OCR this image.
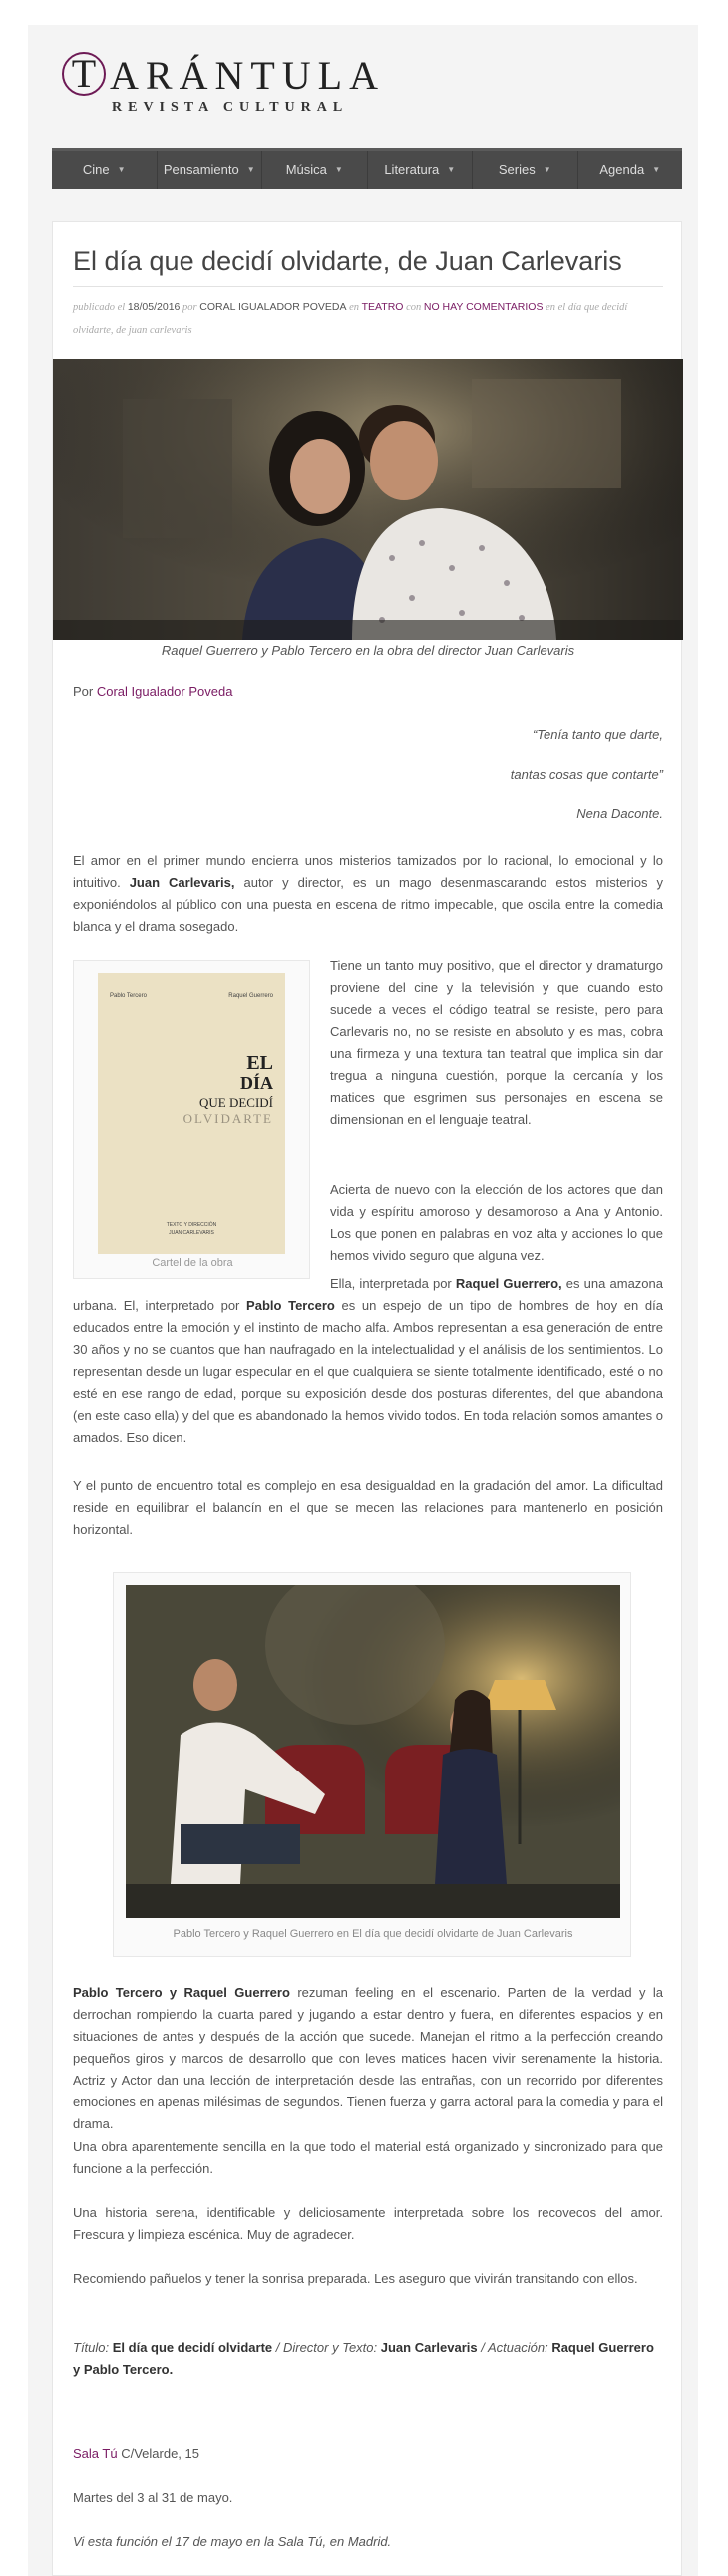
T ARÁNTULA
REVISTA CULTURAL
Cine ▼	Pensamiento ▼ Música ▼	Literatura ▼	Series ▼	Agenda ▼
El día que decidí olvidarte, de Juan Carlevaris
publicado el 18/05/2016 por CORAL IGUALADOR POVEDA en TEATRO con NO HAY COMENTARIOS en el día que decidí olvidarte, de juan carlevaris
Raquel Guerrero y Pablo Tercero en la obra del director Juan Carlevaris
Por Coral Igualador Poveda
“Tenía tanto que darte,
tantas cosas que contarte”
Nena Daconte.
El amor en el primer mundo encierra unos misterios tamizados por lo racional, lo emocional y lo intuitivo. Juan Carlevaris, autor y director, es un mago desenmascarando estos misterios y exponiéndolos al público con una puesta en escena de ritmo impecable, que oscila entre la comedia blanca y el drama sosegado.
Pablo Tercero	Raquel Guerrero
EL
DÍA
QUE DECIDÍ
OLVIDARTE
TEXTO Y DIRECCIÓN
JUAN CARLEVARIS
Cartel de la obra
Tiene un tanto muy positivo, que el director y dramaturgo proviene del cine y la televisión y que cuando esto sucede a veces el código teatral se resiste, pero para Carlevaris no, no se resiste en absoluto y es mas, cobra una firmeza y una textura tan teatral que implica sin dar tregua a ninguna cuestión, porque la cercanía y los matices que esgrimen sus personajes en escena se dimensionan en el lenguaje teatral.
Acierta de nuevo con la elección de los actores que dan vida y espíritu amoroso y desamoroso a Ana y Antonio. Los que ponen en palabras en voz alta y acciones lo que hemos vivido seguro que alguna vez.
Ella, interpretada por Raquel Guerrero, es una amazona urbana. El, interpretado por Pablo Tercero es un espejo de un tipo de hombres de hoy en día educados entre la emoción y el instinto de macho alfa. Ambos representan a esa generación de entre 30 años y no se cuantos que han naufragado en la intelectualidad y el análisis de los sentimientos. Lo representan desde un lugar especular en el que cualquiera se siente totalmente identificado, esté o no esté en ese rango de edad, porque su exposición desde dos posturas diferentes, del que abandona (en este caso ella) y del que es abandonado la hemos vivido todos. En toda relación somos amantes o amados. Eso dicen.
Y el punto de encuentro total es complejo en esa desigualdad en la gradación del amor. La dificultad reside en equilibrar el balancín en el que se mecen las relaciones para mantenerlo en posición horizontal.
Pablo Tercero y Raquel Guerrero en El día que decidí olvidarte de Juan Carlevaris
Pablo Tercero y Raquel Guerrero rezuman feeling en el escenario. Parten de la verdad y la derrochan rompiendo la cuarta pared y jugando a estar dentro y fuera, en diferentes espacios y en situaciones de antes y después de la acción que sucede. Manejan el ritmo a la perfección creando pequeños giros y marcos de desarrollo que con leves matices hacen vivir serenamente la historia. Actriz y Actor dan una lección de interpretación desde las entrañas, con un recorrido por diferentes emociones en apenas milésimas de segundos. Tienen fuerza y garra actoral para la comedia y para el drama.
Una obra aparentemente sencilla en la que todo el material está organizado y sincronizado para que funcione a la perfección.
Una historia serena, identificable y deliciosamente interpretada sobre los recovecos del amor. Frescura y limpieza escénica. Muy de agradecer.
Recomiendo pañuelos y tener la sonrisa preparada. Les aseguro que vivirán transitando con ellos.
Título: El día que decidí olvidarte / Director y Texto: Juan Carlevaris / Actuación: Raquel Guerrero y Pablo Tercero.
Sala Tú C/Velarde, 15
Martes del 3 al 31 de mayo.
Vi esta función el 17 de mayo en la Sala Tú, en Madrid.
